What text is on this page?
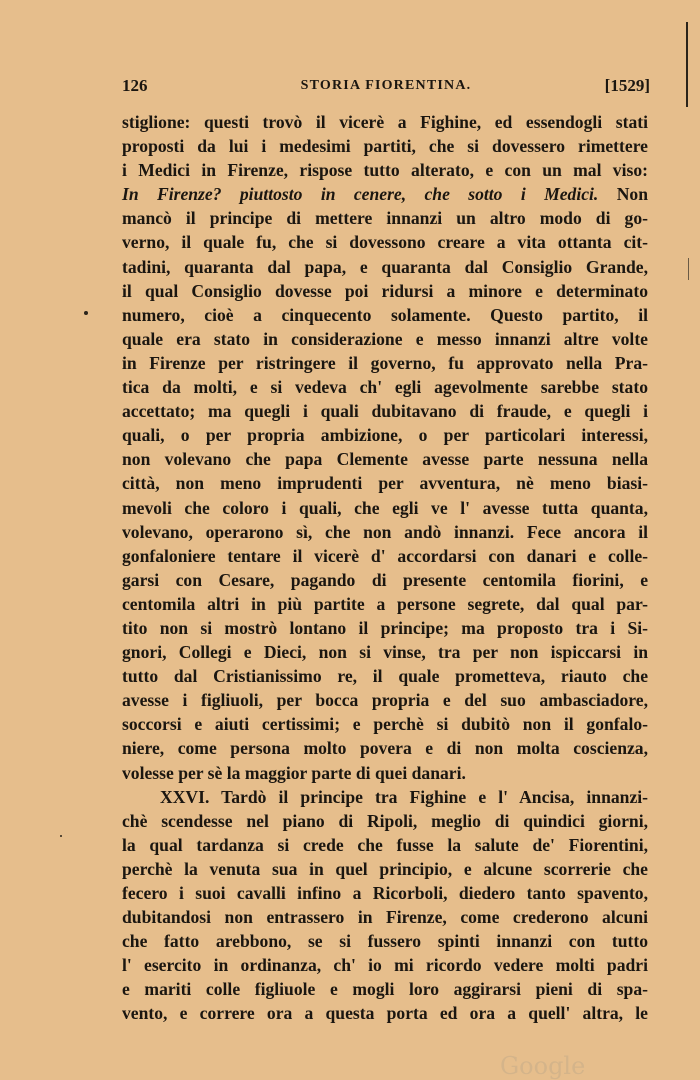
126	STORIA FIORENTINA.	[1529]
stiglione: questi trovò il vicerè a Fighine, ed essendogli stati
proposti da lui i medesimi partiti, che si dovessero rimettere
i Medici in Firenze, rispose tutto alterato, e con un mal viso:
In Firenze? piuttosto in cenere, che sotto i Medici. Non
mancò il principe di mettere innanzi un altro modo di go-
verno, il quale fu, che si dovessono creare a vita ottanta cit-
tadini, quaranta dal papa, e quaranta dal Consiglio Grande,
il qual Consiglio dovesse poi ridursi a minore e determinato
numero, cioè a cinquecento solamente. Questo partito, il
quale era stato in considerazione e messo innanzi altre volte
in Firenze per ristringere il governo, fu approvato nella Pra-
tica da molti, e si vedeva ch' egli agevolmente sarebbe stato
accettato; ma quegli i quali dubitavano di fraude, e quegli i
quali, o per propria ambizione, o per particolari interessi,
non volevano che papa Clemente avesse parte nessuna nella
città, non meno imprudenti per avventura, nè meno biasi-
mevoli che coloro i quali, che egli ve l' avesse tutta quanta,
volevano, operarono sì, che non andò innanzi. Fece ancora il
gonfaloniere tentare il vicerè d' accordarsi con danari e colle-
garsi con Cesare, pagando di presente centomila fiorini, e
centomila altri in più partite a persone segrete, dal qual par-
tito non si mostrò lontano il principe; ma proposto tra i Si-
gnori, Collegi e Dieci, non si vinse, tra per non ispiccarsi in
tutto dal Cristianissimo re, il quale prometteva, riauto che
avesse i figliuoli, per bocca propria e del suo ambasciadore,
soccorsi e aiuti certissimi; e perchè si dubitò non il gonfalo-
niere, come persona molto povera e di non molta coscienza,
volesse per sè la maggior parte di quei danari.
XXVI. Tardò il principe tra Fighine e l' Ancisa, innanzi-
chè scendesse nel piano di Ripoli, meglio di quindici giorni,
la qual tardanza si crede che fusse la salute de' Fiorentini,
perchè la venuta sua in quel principio, e alcune scorrerie che
fecero i suoi cavalli infino a Ricorboli, diedero tanto spavento,
dubitandosi non entrassero in Firenze, come crederono alcuni
che fatto arebbono, se si fussero spinti innanzi con tutto
l' esercito in ordinanza, ch' io mi ricordo vedere molti padri
e mariti colle figliuole e mogli loro aggirarsi pieni di spa-
vento, e correre ora a questa porta ed ora a quell' altra, le
Google
